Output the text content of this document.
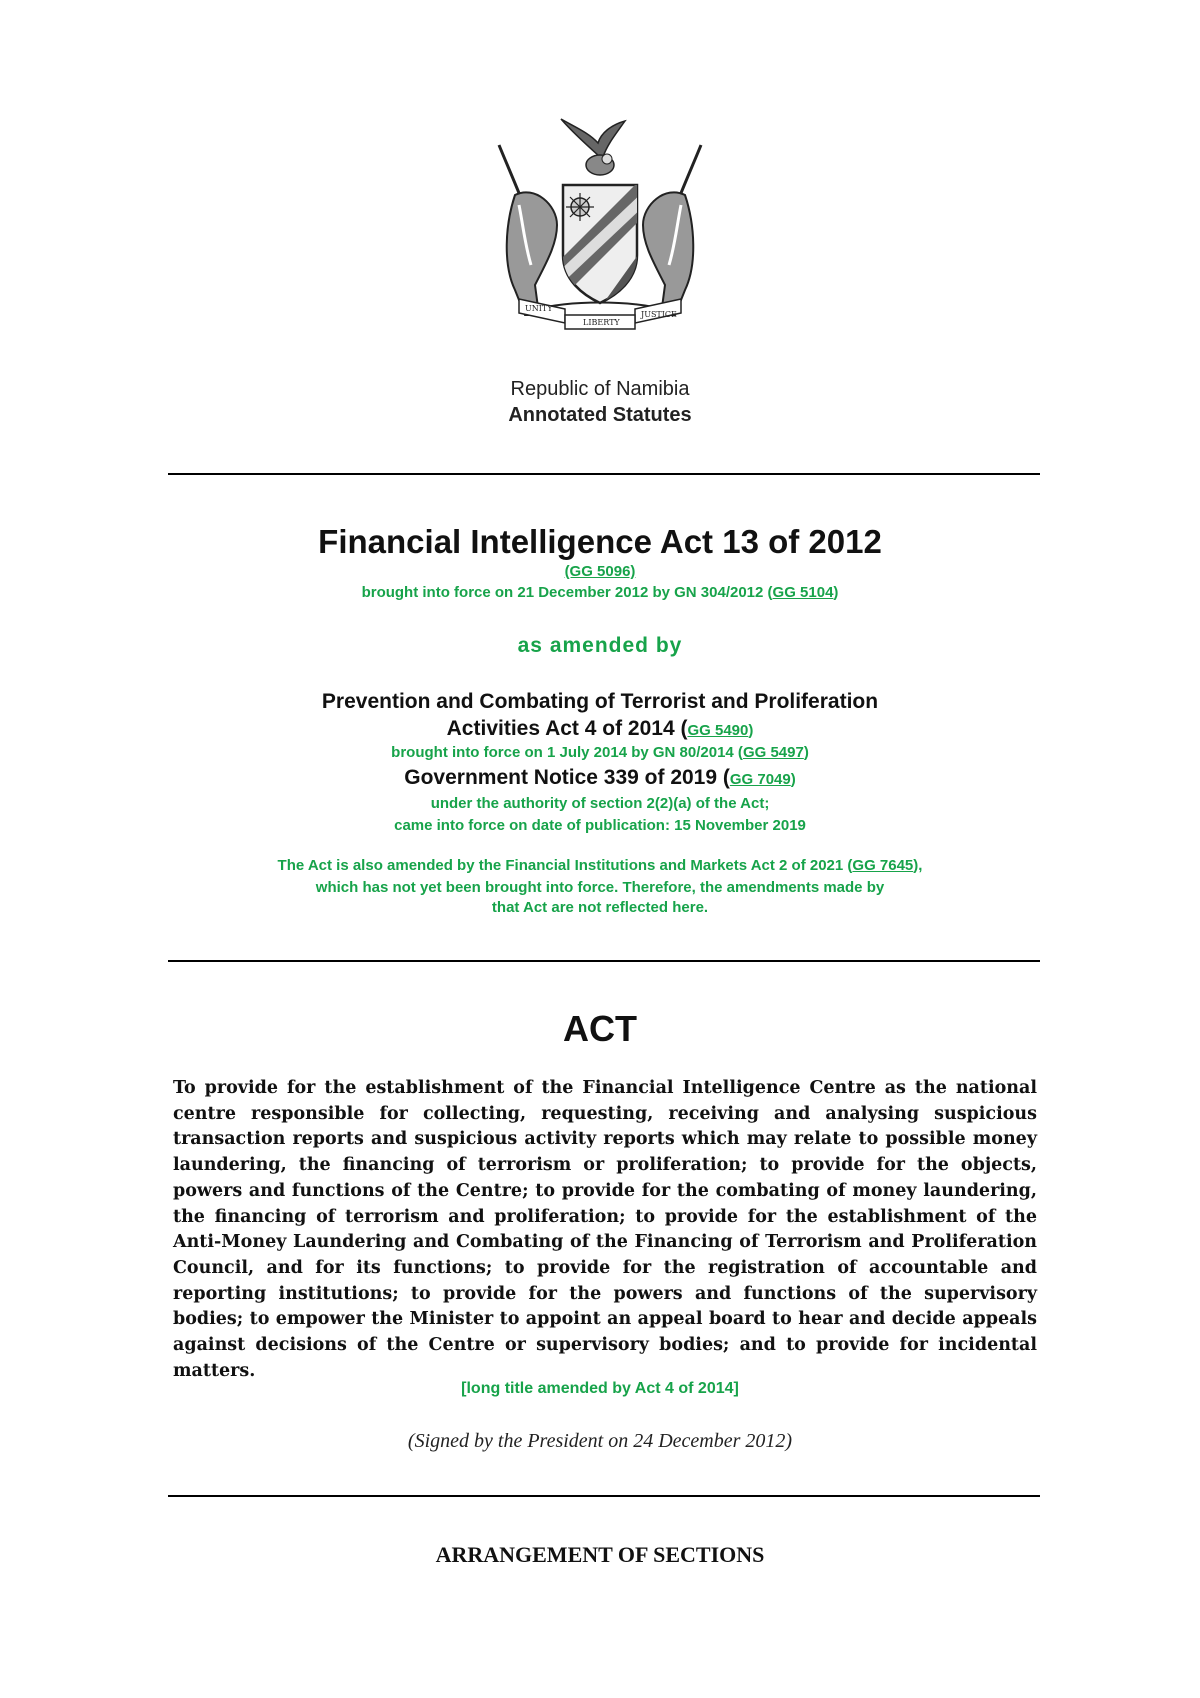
UNITY
LIBERTY
JUSTICE
Republic of Namibia
Annotated Statutes
Financial Intelligence Act 13 of 2012
(GG 5096)
brought into force on 21 December 2012 by GN 304/2012 (GG 5104)
as amended by
Prevention and Combating of Terrorist and Proliferation
Activities Act 4 of 2014 (GG 5490)
brought into force on 1 July 2014 by GN 80/2014 (GG 5497)
Government Notice 339 of 2019 (GG 7049)
under the authority of section 2(2)(a) of the Act;
came into force on date of publication: 15 November 2019
The Act is also amended by the Financial Institutions and Markets Act 2 of 2021 (GG 7645),
which has not yet been brought into force. Therefore, the amendments made by
that Act are not reflected here.
ACT
To provide for the establishment of the Financial Intelligence Centre as the national centre responsible for collecting, requesting, receiving and analysing suspicious transaction reports and suspicious activity reports which may relate to possible money laundering, the financing of terrorism or proliferation; to provide for the objects, powers and functions of the Centre; to provide for the combating of money laundering, the financing of terrorism and proliferation; to provide for the establishment of the Anti-Money Laundering and Combating of the Financing of Terrorism and Proliferation Council, and for its functions; to provide for the registration of accountable and reporting institutions; to provide for the powers and functions of the supervisory bodies; to empower the Minister to appoint an appeal board to hear and decide appeals against decisions of the Centre or supervisory bodies; and to provide for incidental matters.
[long title amended by Act 4 of 2014]
(Signed by the President on 24 December 2012)
ARRANGEMENT OF SECTIONS
